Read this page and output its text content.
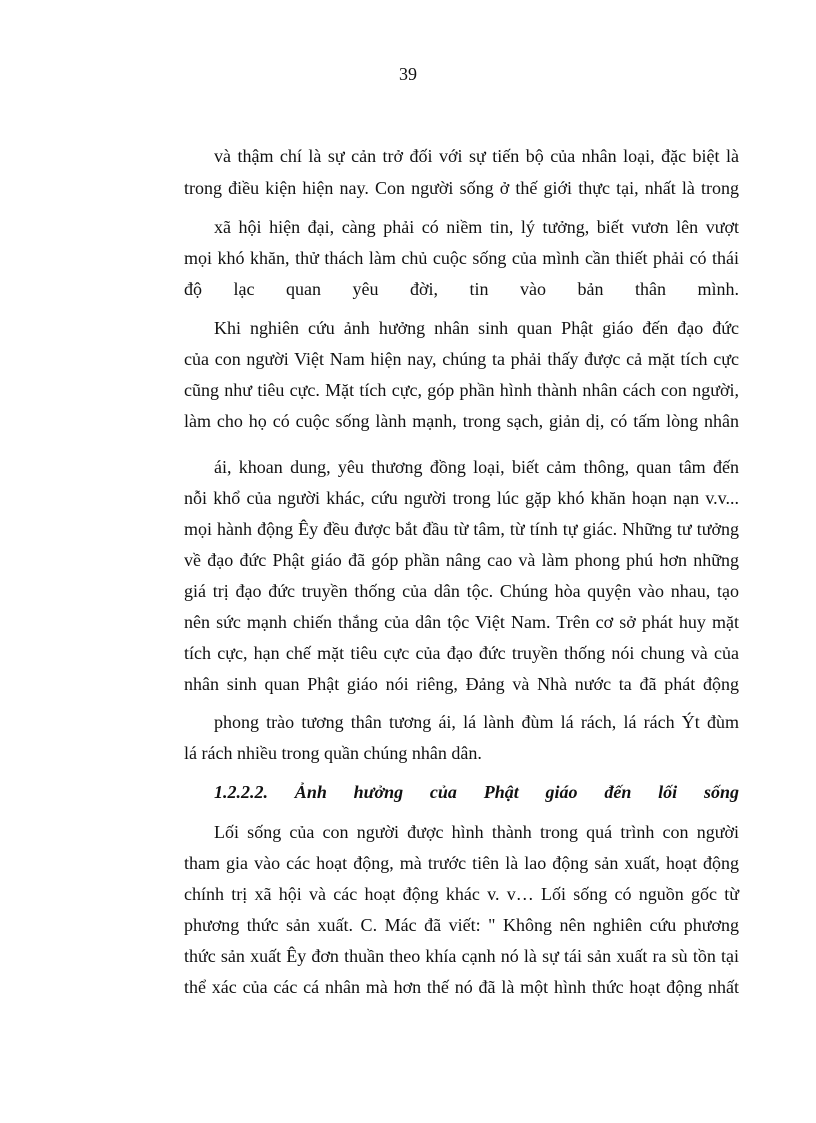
39
và thậm chí là sự cản trở đối với sự tiến bộ của nhân loại, đặc biệt là
trong điều kiện hiện nay. Con người sống ở thế giới thực tại, nhất là trong
xã hội hiện đại, càng phải có niềm tin, lý tưởng, biết vươn lên vượt
mọi khó khăn, thử thách làm chủ cuộc sống của mình cần thiết phải có thái
độ lạc quan yêu đời, tin vào bản thân mình.
Khi nghiên cứu ảnh hưởng nhân sinh quan Phật giáo đến đạo đức
của con người Việt Nam hiện nay, chúng ta phải thấy được cả mặt tích cực
cũng như tiêu cực. Mặt tích cực, góp phần hình thành nhân cách con người,
làm cho họ có cuộc sống lành mạnh, trong sạch, giản dị, có tấm lòng nhân
ái, khoan dung, yêu thương đồng loại, biết cảm thông, quan tâm đến
nỗi khổ của người khác, cứu người trong lúc gặp khó khăn hoạn nạn v.v...
mọi hành động Êy đều được bắt đầu từ tâm, từ tính tự giác. Những tư tưởng
về đạo đức Phật giáo đã góp phần nâng cao và làm phong phú hơn những
giá trị đạo đức truyền thống của dân tộc. Chúng hòa quyện vào nhau, tạo
nên sức mạnh chiến thắng của dân tộc Việt Nam. Trên cơ sở phát huy mặt
tích cực, hạn chế mặt tiêu cực của đạo đức truyền thống nói chung và của
nhân sinh quan Phật giáo nói riêng, Đảng và Nhà nước ta đã phát động
phong trào tương thân tương ái, lá lành đùm lá rách, lá rách Ýt đùm
lá rách nhiều trong quần chúng nhân dân.
1.2.2.2. Ảnh hưởng của Phật giáo đến lối sống
Lối sống của con người được hình thành trong quá trình con người
tham gia vào các hoạt động, mà trước tiên là lao động sản xuất, hoạt động
chính trị xã hội và các hoạt động khác v. v… Lối sống có nguồn gốc từ
phương thức sản xuất. C. Mác đã viết: " Không nên nghiên cứu phương
thức sản xuất Êy đơn thuần theo khía cạnh nó là sự tái sản xuất ra sù tồn tại
thể xác của các cá nhân mà hơn thế nó đã là một hình thức hoạt động nhất
